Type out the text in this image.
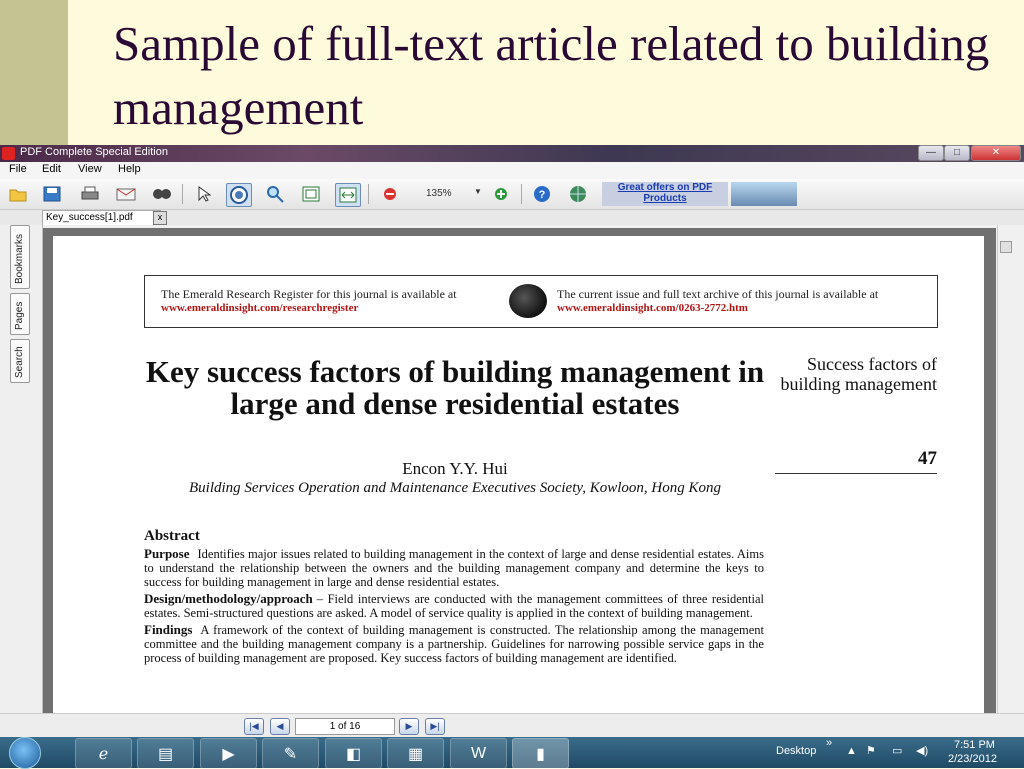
Sample of full-text article related to building management
PDF Complete Special Edition	—	□	✕
File Edit View Help
135%	▼	?
Great offers on PDF Products
Key_success[1].pdf	x
Bookmarks
Pages
Search
The Emerald Research Register for this journal is available at
www.emeraldinsight.com/researchregister
The current issue and full text archive of this journal is available at
www.emeraldinsight.com/0263-2772.htm
Key success factors of building management in large and dense residential estates
Encon Y.Y. Hui
Building Services Operation and Maintenance Executives Society, Kowloon, Hong Kong
Success factors of building management
47
Abstract
Purpose Identifies major issues related to building management in the context of large and dense residential estates. Aims to understand the relationship between the owners and the building management company and determine the keys to success for building management in large and dense residential estates.
Design/methodology/approach – Field interviews are conducted with the management committees of three residential estates. Semi-structured questions are asked. A model of service quality is applied in the context of building management.
Findings A framework of the context of building management is constructed. The relationship among the management committee and the building management company is a partnership. Guidelines for narrowing possible service gaps in the process of building management are proposed. Key success factors of building management are identified.
|◀	◀	1 of 16	▶	▶|
ℯ	▤	▶	✎	◧	▦	W	▮	Desktop
»
▲ ⚑ ▭ ◀) 7:51 PM
2/23/2012
